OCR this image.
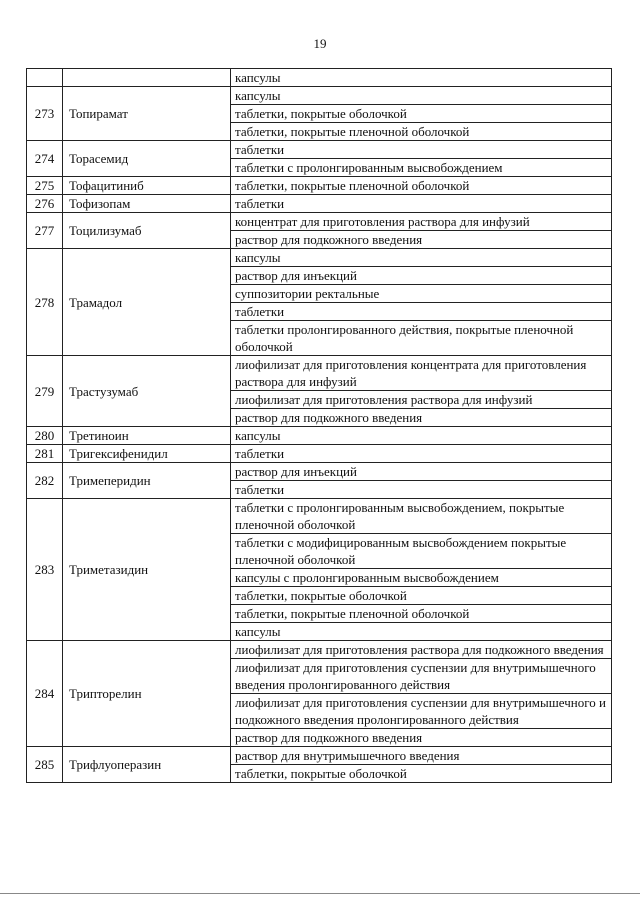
19
		капсулы
273	Топирамат	капсулы
		таблетки, покрытые оболочкой
		таблетки, покрытые пленочной оболочкой
274	Торасемид	таблетки
		таблетки с пролонгированным высвобождением
275	Тофацитиниб	таблетки, покрытые пленочной оболочкой
276	Тофизопам	таблетки
277	Тоцилизумаб	концентрат для приготовления раствора для инфузий
		раствор для подкожного введения
278	Трамадол	капсулы
		раствор для инъекций
		суппозитории ректальные
		таблетки
		таблетки пролонгированного действия, покрытые пленочной оболочкой
279	Трастузумаб	лиофилизат для приготовления концентрата для приготовления раствора для инфузий
		лиофилизат для приготовления раствора для инфузий
		раствор для подкожного введения
280	Третиноин	капсулы
281	Тригексифенидил	таблетки
282	Тримеперидин	раствор для инъекций
		таблетки
283	Триметазидин	таблетки с пролонгированным высвобождением, покрытые пленочной оболочкой
		таблетки с модифицированным высвобождением покрытые пленочной оболочкой
		капсулы с пролонгированным высвобождением
		таблетки, покрытые оболочкой
		таблетки, покрытые пленочной оболочкой
		капсулы
284	Трипторелин	лиофилизат для приготовления раствора для подкожного введения
		лиофилизат для приготовления суспензии для внутримышечного введения пролонгированного действия
		лиофилизат для приготовления суспензии для внутримышечного и подкожного введения пролонгированного действия
		раствор для подкожного введения
285	Трифлуоперазин	раствор для внутримышечного введения
		таблетки, покрытые оболочкой
